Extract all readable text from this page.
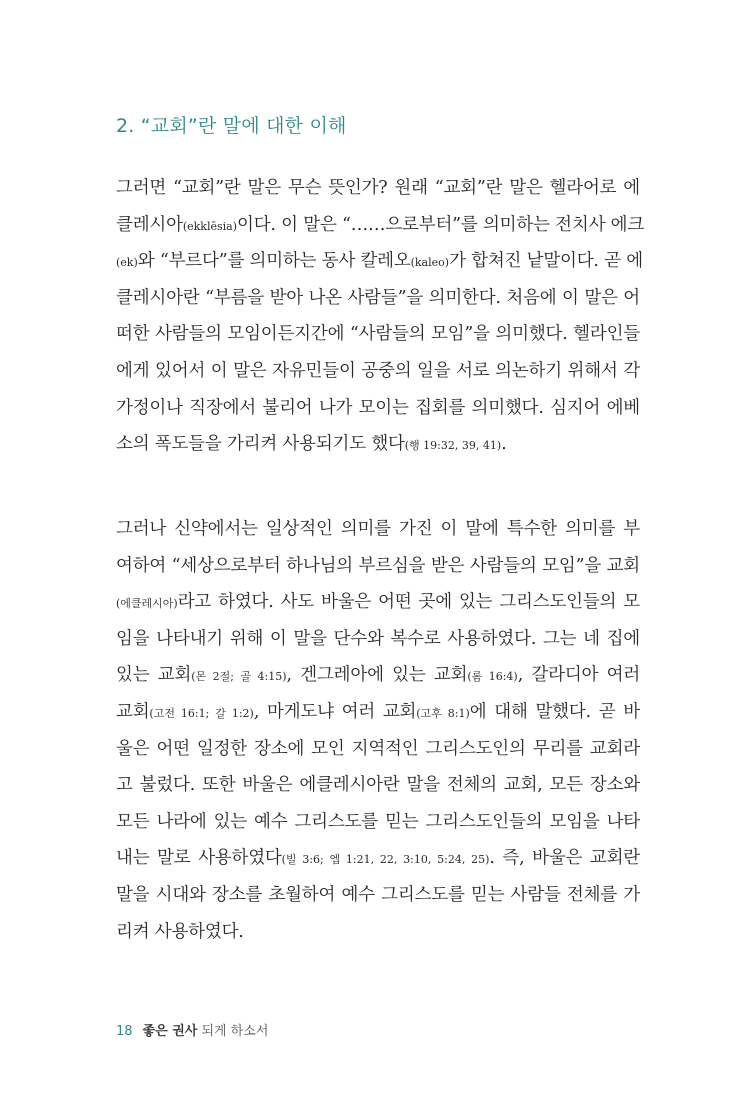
2. “교회”란 말에 대한 이해
그러면 “교회”란 말은 무슨 뜻인가? 원래 “교회”란 말은 헬라어로 에
클레시아(ekklēsia)이다. 이 말은 “……으로부터”를 의미하는 전치사 에크
(ek)와 “부르다”를 의미하는 동사 칼레오(kaleo)가 합쳐진 낱말이다. 곧 에
클레시아란 “부름을 받아 나온 사람들”을 의미한다. 처음에 이 말은 어
떠한 사람들의 모임이든지간에 “사람들의 모임”을 의미했다. 헬라인들
에게 있어서 이 말은 자유민들이 공중의 일을 서로 의논하기 위해서 각
가정이나 직장에서 불리어 나가 모이는 집회를 의미했다. 심지어 에베
소의 폭도들을 가리켜 사용되기도 했다(행 19:32, 39, 41).
그러나 신약에서는 일상적인 의미를 가진 이 말에 특수한 의미를 부
여하여 “세상으로부터 하나님의 부르심을 받은 사람들의 모임”을 교회
(에클레시아)라고 하였다. 사도 바울은 어떤 곳에 있는 그리스도인들의 모
임을 나타내기 위해 이 말을 단수와 복수로 사용하였다. 그는 네 집에
있는 교회(몬 2절; 골 4:15), 겐그레아에 있는 교회(롬 16:4), 갈라디아 여러
교회(고전 16:1; 갈 1:2), 마게도냐 여러 교회(고후 8:1)에 대해 말했다. 곧 바
울은 어떤 일정한 장소에 모인 지역적인 그리스도인의 무리를 교회라
고 불렀다. 또한 바울은 에클레시아란 말을 전체의 교회, 모든 장소와
모든 나라에 있는 예수 그리스도를 믿는 그리스도인들의 모임을 나타
내는 말로 사용하였다(빌 3:6; 엡 1:21, 22, 3:10, 5:24, 25). 즉, 바울은 교회란
말을 시대와 장소를 초월하여 예수 그리스도를 믿는 사람들 전체를 가
리켜 사용하였다.
18 좋은 권사 되게 하소서
